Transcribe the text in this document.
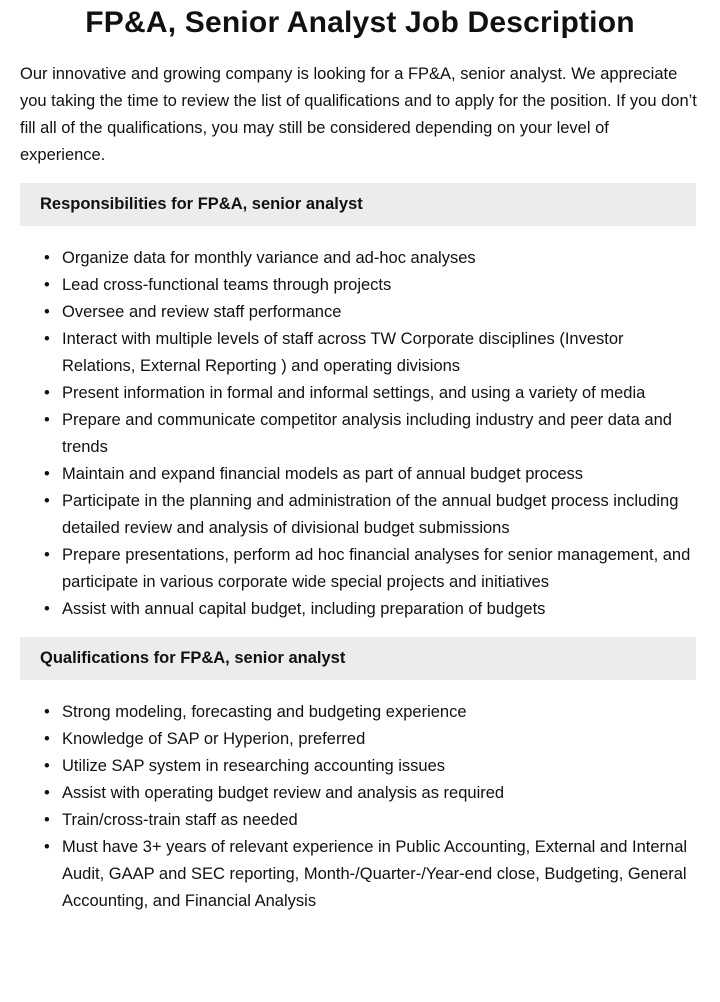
FP&A, Senior Analyst Job Description

Our innovative and growing company is looking for a FP&A, senior analyst. We appreciate you taking the time to review the list of qualifications and to apply for the position. If you don’t fill all of the qualifications, you may still be considered depending on your level of experience.

Responsibilities for FP&A, senior analyst
• Organize data for monthly variance and ad-hoc analyses
• Lead cross-functional teams through projects
• Oversee and review staff performance
• Interact with multiple levels of staff across TW Corporate disciplines (Investor Relations, External Reporting ) and operating divisions
• Present information in formal and informal settings, and using a variety of media
• Prepare and communicate competitor analysis including industry and peer data and trends
• Maintain and expand financial models as part of annual budget process
• Participate in the planning and administration of the annual budget process including detailed review and analysis of divisional budget submissions
• Prepare presentations, perform ad hoc financial analyses for senior management, and participate in various corporate wide special projects and initiatives
• Assist with annual capital budget, including preparation of budgets
Qualifications for FP&A, senior analyst
• Strong modeling, forecasting and budgeting experience
• Knowledge of SAP or Hyperion, preferred
• Utilize SAP system in researching accounting issues
• Assist with operating budget review and analysis as required
• Train/cross-train staff as needed
• Must have 3+ years of relevant experience in Public Accounting, External and Internal Audit, GAAP and SEC reporting, Month-/Quarter-/Year-end close, Budgeting, General Accounting, and Financial Analysis
